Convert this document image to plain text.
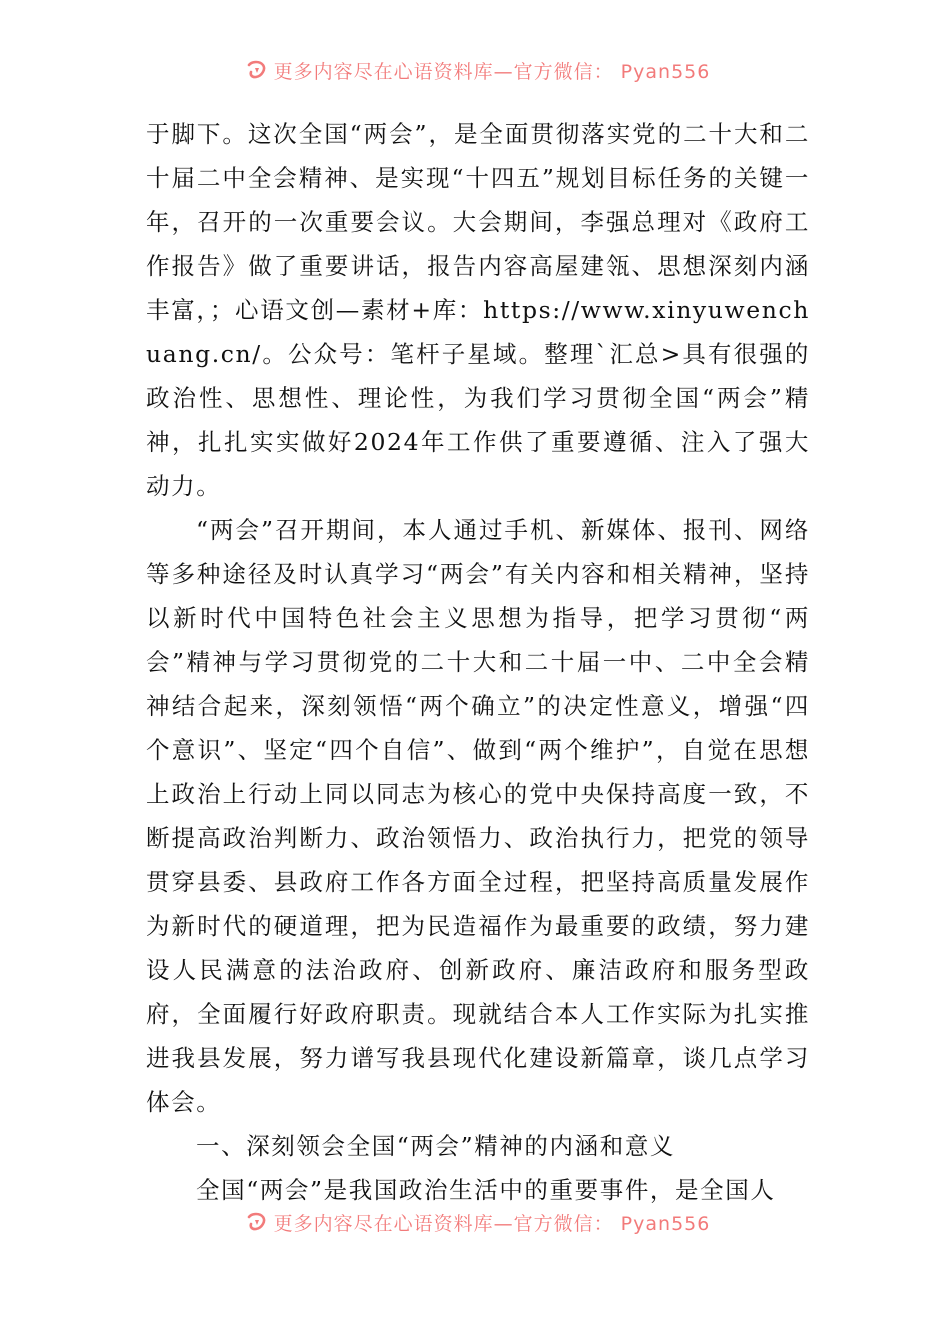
更多内容尽在心语资料库—官方微信： Pyan556

于脚下。这次全国“两会”，是全面贯彻落实党的二十大和二十届二中全会精神、是实现“十四五”规划目标任务的关键一年，召开的一次重要会议。大会期间，李强总理对《政府工作报告》做了重要讲话，报告内容高屋建瓴、思想深刻内涵丰富，；心语文创—素材+库：https://www.xinyuwenchuang.cn/。公众号：笔杆子星域。整理`汇总>具有很强的政治性、思想性、理论性，为我们学习贯彻全国“两会”精神，扎扎实实做好2024年工作供了重要遵循、注入了强大动力。

“两会”召开期间，本人通过手机、新媒体、报刊、网络等多种途径及时认真学习“两会”有关内容和相关精神，坚持以新时代中国特色社会主义思想为指导，把学习贯彻“两会”精神与学习贯彻党的二十大和二十届一中、二中全会精神结合起来，深刻领悟“两个确立”的决定性意义，增强“四个意识”、坚定“四个自信”、做到“两个维护”，自觉在思想上政治上行动上同以同志为核心的党中央保持高度一致，不断提高政治判断力、政治领悟力、政治执行力，把党的领导贯穿县委、县政府工作各方面全过程，把坚持高质量发展作为新时代的硬道理，把为民造福作为最重要的政绩，努力建设人民满意的法治政府、创新政府、廉洁政府和服务型政府，全面履行好政府职责。现就结合本人工作实际为扎实推进我县发展，努力谱写我县现代化建设新篇章，谈几点学习体会。

一、深刻领会全国“两会”精神的内涵和意义

全国“两会”是我国政治生活中的重要事件，是全国人

更多内容尽在心语资料库—官方微信： Pyan556
